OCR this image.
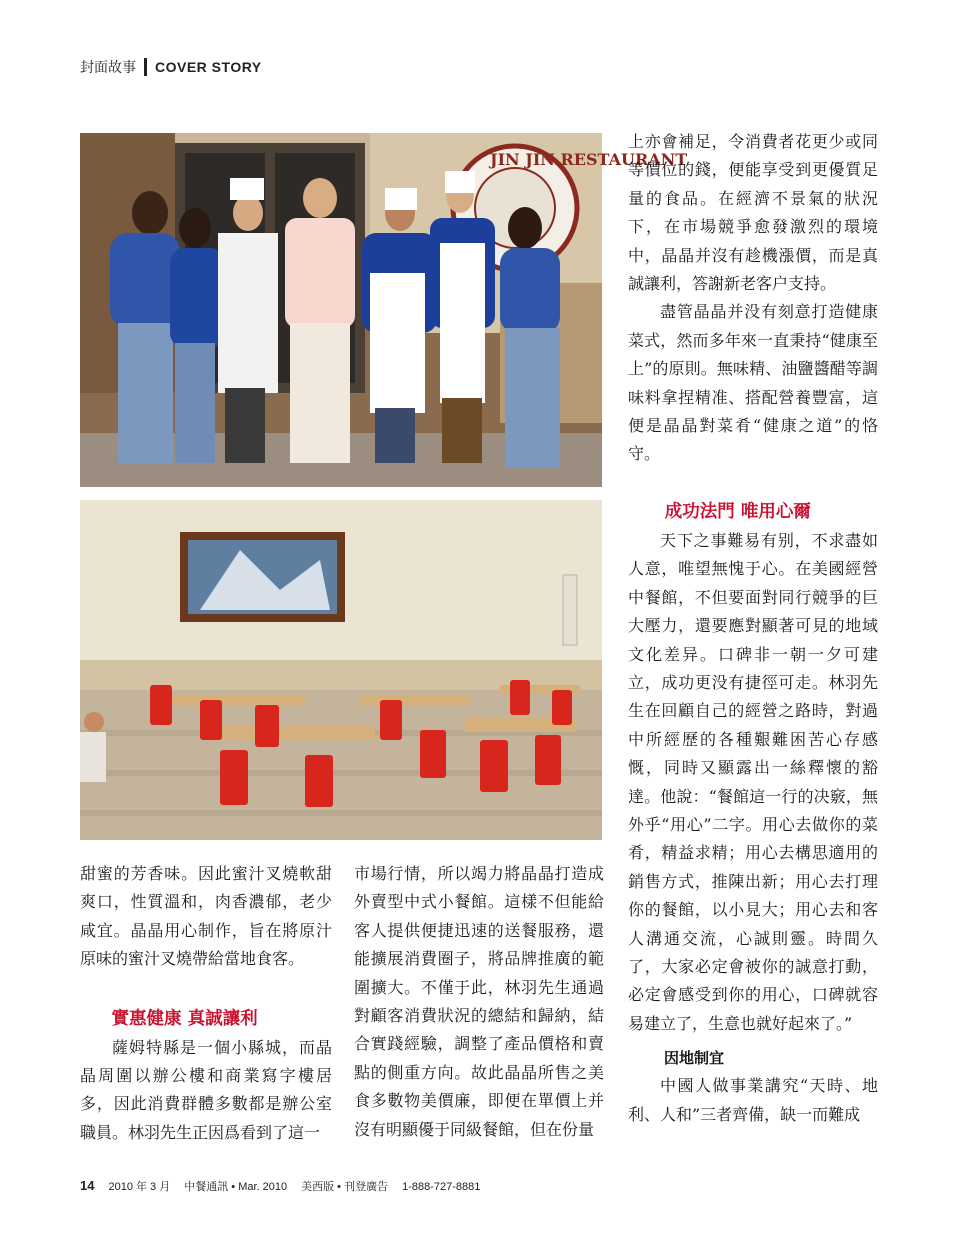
封面故事 COVER STORY
JIN JIN RESTAURANT

甜蜜的芳香味。因此蜜汁叉燒軟甜爽口，性質溫和，肉香濃郁，老少咸宜。晶晶用心制作，旨在將原汁原味的蜜汁叉燒帶給當地食客。

實惠健康 真誠讓利

薩姆特縣是一個小縣城，而晶晶周圍以辦公樓和商業寫字樓居多，因此消費群體多數都是辦公室職員。林羽先生正因爲看到了這一

市場行情，所以竭力將晶晶打造成外賣型中式小餐館。這樣不但能給客人提供便捷迅速的送餐服務，還能擴展消費圈子，將品牌推廣的範圍擴大。不僅于此，林羽先生通過對顧客消費狀況的總結和歸納，結合實踐經驗，調整了產品價格和賣點的側重方向。故此晶晶所售之美食多數物美價廉，即便在單價上并沒有明顯優于同級餐館，但在份量

上亦會補足，令消費者花更少或同等價位的錢，便能享受到更優質足量的食品。在經濟不景氣的狀況下，在市場競爭愈發激烈的環境中，晶晶并沒有趁機漲價，而是真誠讓利，答謝新老客户支持。

盡管晶晶并没有刻意打造健康菜式，然而多年來一直秉持“健康至上”的原則。無味精、油鹽醬醋等調味料拿捏精准、搭配營養豐富，這便是晶晶對菜肴“健康之道”的恪守。

成功法門 唯用心爾

天下之事難易有别，不求盡如人意，唯望無愧于心。在美國經營中餐館，不但要面對同行競爭的巨大壓力，還要應對顯著可見的地域文化差异。口碑非一朝一夕可建立，成功更没有捷徑可走。林羽先生在回顧自己的經營之路時，對過中所經歷的各種艱難困苦心存感慨，同時又顯露出一絲釋懷的豁達。他說：“餐館這一行的决竅，無外乎“用心”二字。用心去做你的菜肴，精益求精；用心去構思適用的銷售方式，推陳出新；用心去打理你的餐館，以小見大；用心去和客人溝通交流，心誠則靈。時間久了，大家必定會被你的誠意打動，必定會感受到你的用心，口碑就容易建立了，生意也就好起來了。”

因地制宜

中國人做事業講究“天時、地利、人和”三者齊備，缺一而難成

14 2010 年 3 月 中餐通訊 • Mar. 2010 美西版 • 刊登廣告 1-888-727-8881
